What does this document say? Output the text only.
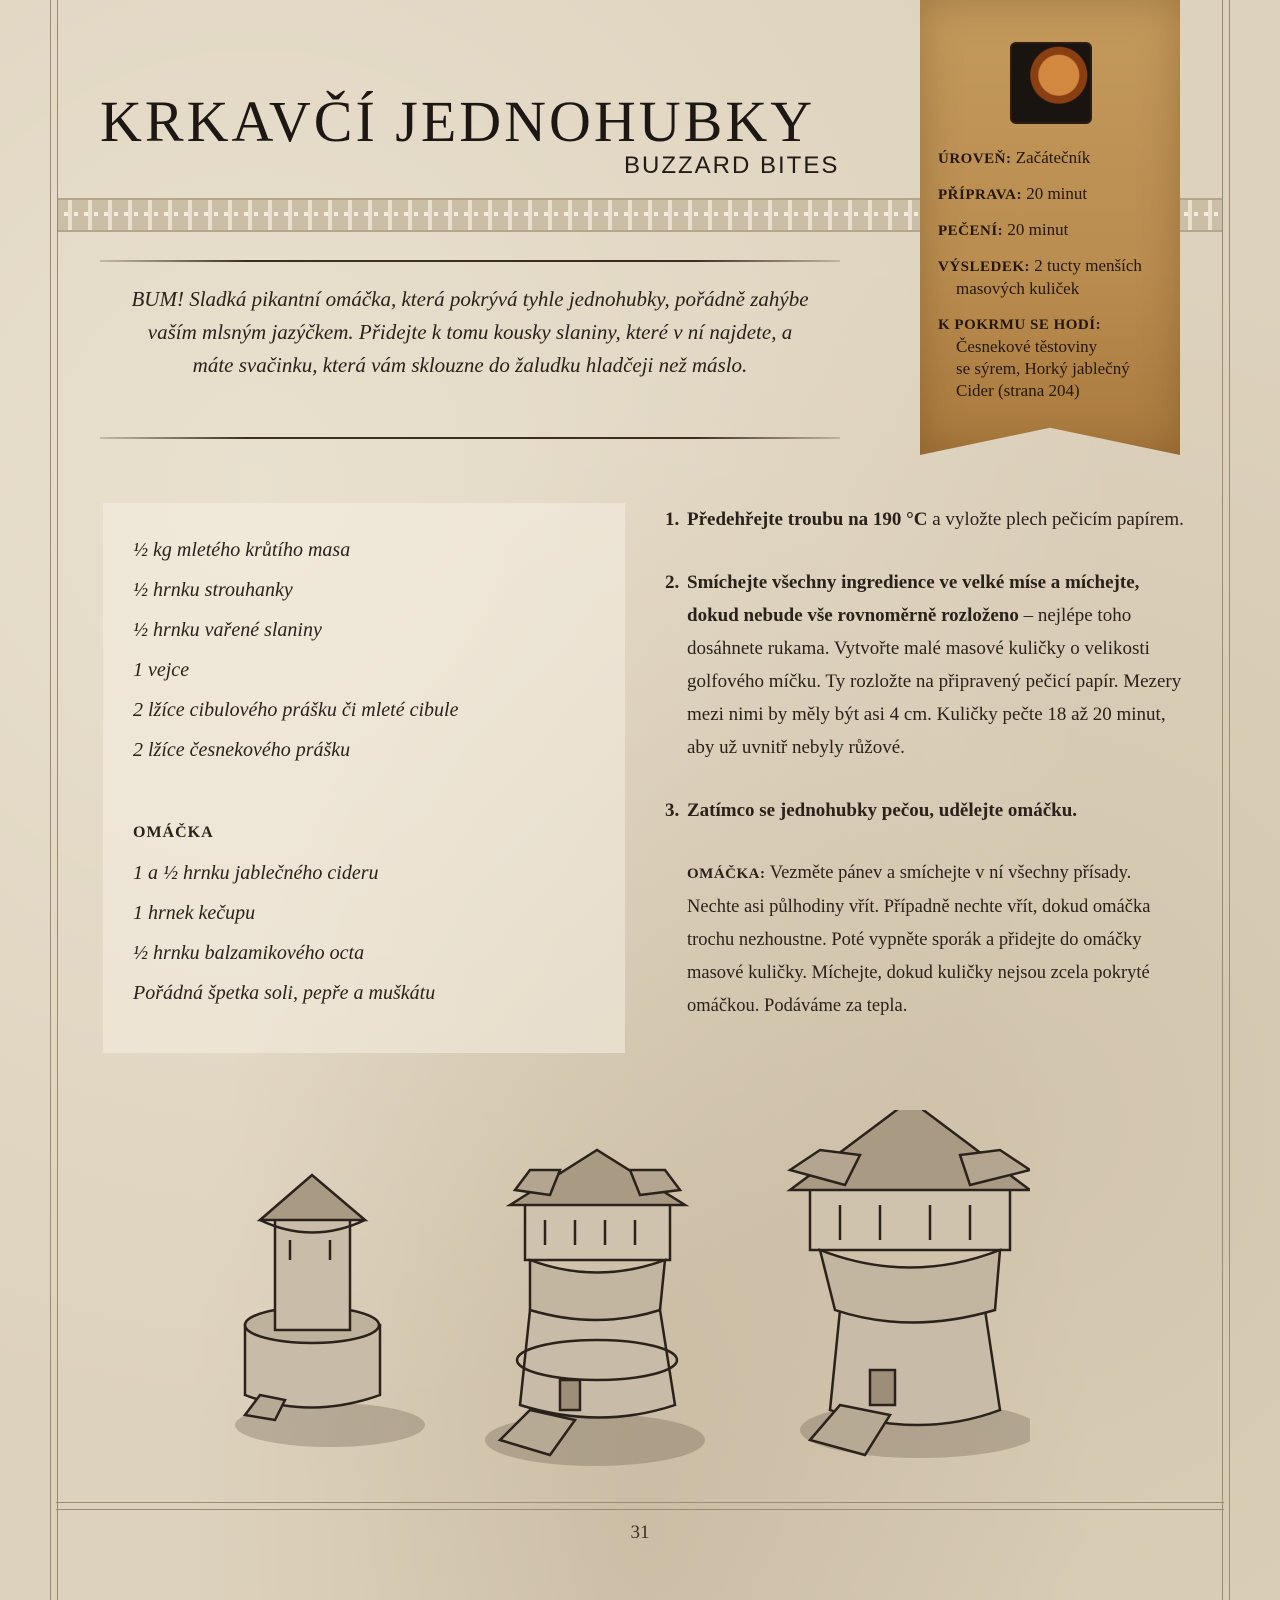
KRKAVČÍ JEDNOHUBKY
BUZZARD BITES
BUM! Sladká pikantní omáčka, která pokrývá tyhle jednohubky, pořádně zahýbe vaším mlsným jazýčkem. Přidejte k tomu kousky slaniny, které v ní najdete, a máte svačinku, která vám sklouzne do žaludku hladčeji než máslo.
ÚROVEŇ: Začátečník
PŘÍPRAVA: 20 minut
PEČENÍ: 20 minut
VÝSLEDEK: 2 tucty menších
masových kuliček
K POKRMU SE HODÍ:
Česnekové těstoviny
se sýrem, Horký jablečný
Cider (strana 204)
½ kg mletého krůtího masa
½ hrnku strouhanky
½ hrnku vařené slaniny
1 vejce
2 lžíce cibulového prášku či mleté cibule
2 lžíce česnekového prášku
OMÁČKA
1 a ½ hrnku jablečného cideru
1 hrnek kečupu
½ hrnku balzamikového octa
Pořádná špetka soli, pepře a muškátu
1. Předehřejte troubu na 190 °C a vyložte plech pečicím papírem.
2. Smíchejte všechny ingredience ve velké míse a míchejte, dokud nebude vše rovnoměrně rozloženo – nejlépe toho dosáhnete rukama. Vytvořte malé masové kuličky o velikosti golfového míčku. Ty rozložte na připravený pečicí papír. Mezery mezi nimi by měly být asi 4 cm. Kuličky pečte 18 až 20 minut, aby už uvnitř nebyly růžové.
3. Zatímco se jednohubky pečou, udělejte omáčku.
OMÁČKA: Vezměte pánev a smíchejte v ní všechny přísady. Nechte asi půlhodiny vřít. Případně nechte vřít, dokud omáčka trochu nezhoustne. Poté vypněte sporák a přidejte do omáčky masové kuličky. Míchejte, dokud kuličky nejsou zcela pokryté omáčkou. Podáváme za tepla.
31
